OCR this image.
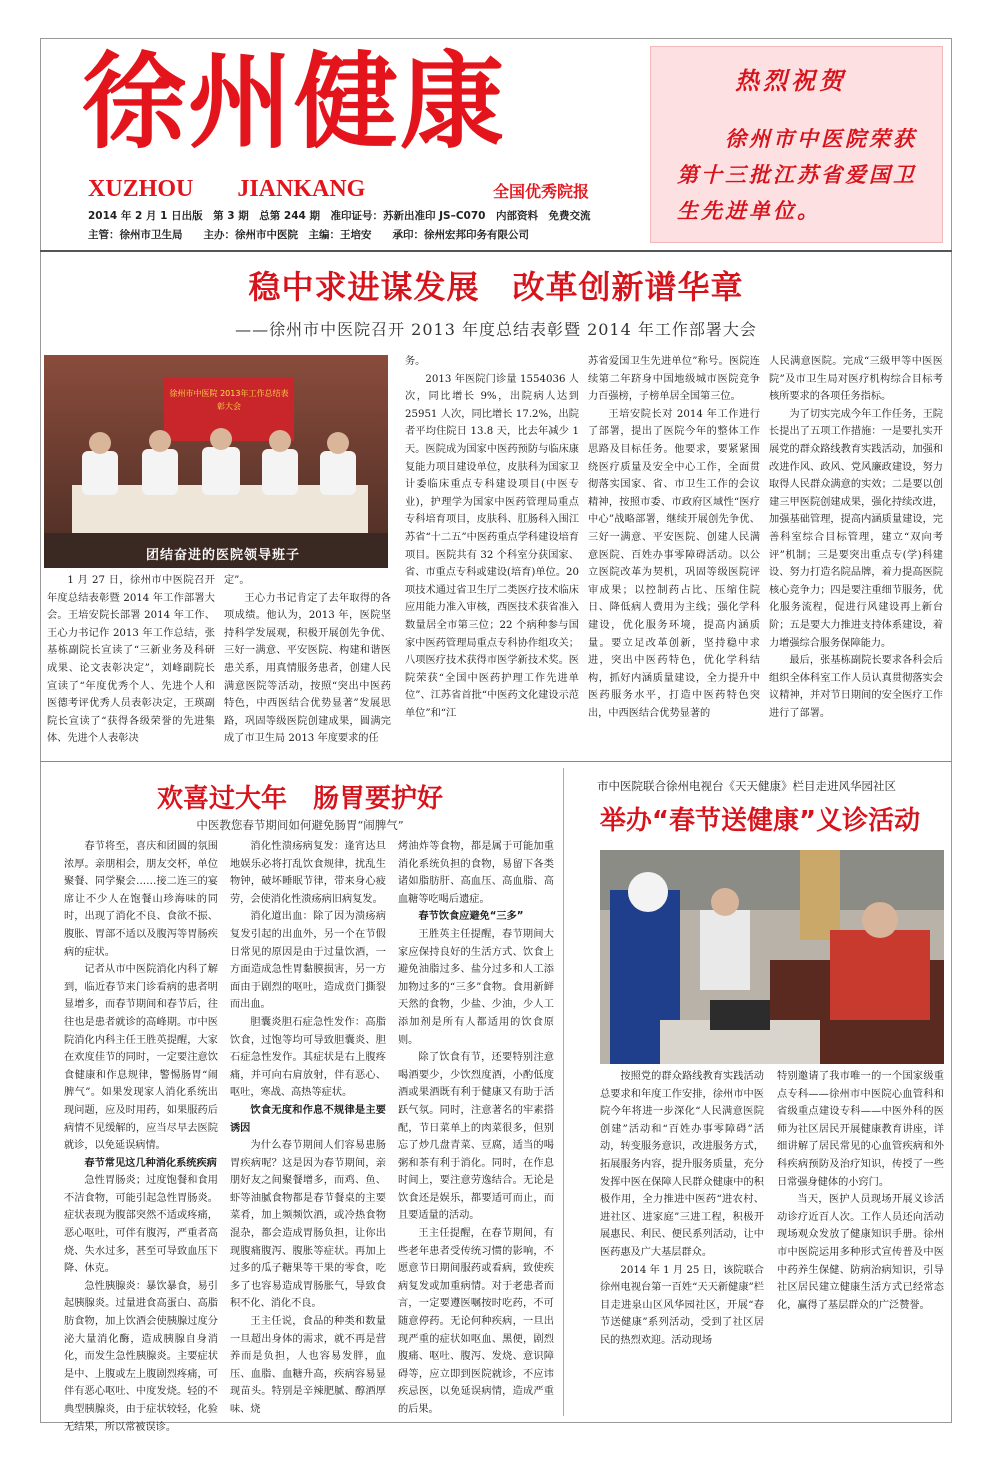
徐州健康
XUZHOU JIANKANG	全国优秀院报
2014 年 2 月 1 日出版　第 3 期　总第 244 期　准印证号：苏新出准印 JS–C070　内部资料　免费交流
主管：徐州市卫生局　　主办：徐州市中医院　主编：王培安　　承印：徐州宏邦印务有限公司
热烈祝贺
徐州市中医院荣获第十三批江苏省爱国卫生先进单位。
稳中求进谋发展　改革创新谱华章
——徐州市中医院召开 2013 年度总结表彰暨 2014 年工作部署大会
徐州市中医院 2013年工作总结表彰大会
团结奋进的医院领导班子

1 月 27 日，徐州市中医院召开年度总结表彰暨 2014 年工作部署大会。王培安院长部署 2014 年工作、王心力书记作 2013 年工作总结，张基栋副院长宣读了“三新业务及科研成果、论文表彰决定”，刘峰副院长宣读了“年度优秀个人、先进个人和医德考评优秀人员表彰决定，王瑛副院长宣读了“获得各级荣誉的先进集体、先进个人表彰决

定”。

王心力书记肯定了去年取得的各项成绩。他认为，2013 年，医院坚持科学发展观，积极开展创先争优、三好一满意、平安医院、构建和谐医患关系，用真情服务患者，创建人民满意医院等活动，按照“突出中医药特色，中西医结合优势显著”发展思路，巩固等级医院创建成果，圆满完成了市卫生局 2013 年度要求的任

务。

2013 年医院门诊量 1554036 人次，同比增长 9%，出院病人达到 25951 人次，同比增长 17.2%，出院者平均住院日 13.8 天，比去年减少 1 天。医院成为国家中医药预防与临床康复能力项目建设单位，皮肤科为国家卫计委临床重点专科建设项目(中医专业)，护理学为国家中医药管理局重点专科培育项目，皮肤科、肛肠科入围江苏省“十二五”中医药重点学科建设培育项目。医院共有 32 个科室分获国家、省、市重点专科或建设(培育)单位。20 项技术通过省卫生厅二类医疗技术临床应用能力准入审核，西医技术获省准入数量居全市第三位；22 个病种参与国家中医药管理局重点专科协作组攻关；八项医疗技术获得市医学新技术奖。医院荣获“全国中医药护理工作先进单位”、江苏省首批“中医药文化建设示范单位”和“江

苏省爱国卫生先进单位”称号。医院连续第二年跻身中国地级城市医院竞争力百强榜，子榜单居全国第三位。

王培安院长对 2014 年工作进行了部署，提出了医院今年的整体工作思路及目标任务。他要求，要紧紧围绕医疗质量及安全中心工作，全面贯彻落实国家、省、市卫生工作的会议精神，按照市委、市政府区域性“医疗中心”战略部署，继续开展创先争优、三好一满意、平安医院、创建人民满意医院、百姓办事零障碍活动。以公立医院改革为契机，巩固等级医院评审成果；以控制药占比、压缩住院日、降低病人费用为主线；强化学科建设，优化服务环境，提高内涵质量。要立足改革创新，坚持稳中求进，突出中医药特色，优化学科结构，抓好内涵质量建设，全力提升中医药服务水平，打造中医药特色突出，中西医结合优势显著的

人民满意医院。完成“三级甲等中医医院”及市卫生局对医疗机构综合目标考核所要求的各项任务指标。

为了切实完成今年工作任务，王院长提出了五项工作措施：一是要扎实开展党的群众路线教育实践活动，加强和改进作风、政风、党风廉政建设，努力取得人民群众满意的实效；二是要以创建三甲医院创建成果，强化持续改进，加强基础管理，提高内涵质量建设，完善科室综合目标管理，建立“双向考评”机制；三是要突出重点专(学)科建设、努力打造名院品牌，着力提高医院核心竞争力；四是要注重细节服务，优化服务流程，促进行风建设再上新台阶；五是要大力推进支持体系建设，着力增强综合服务保障能力。

最后，张基栋副院长要求各科会后组织全体科室工作人员认真贯彻落实会议精神，并对节日期间的安全医疗工作进行了部署。

欢喜过大年　肠胃要护好
中医教您春节期间如何避免肠胃“闹脾气”

春节将至，喜庆和团圆的氛围浓厚。亲朋相会，朋友交杯，单位聚餐、同学聚会……接二连三的宴席让不少人在饱餐山珍海味的同时，出现了消化不良、食欲不振、腹胀、胃部不适以及腹泻等胃肠疾病的症状。

记者从市中医院消化内科了解到，临近春节来门诊看病的患者明显增多，而春节期间和春节后，往往也是患者就诊的高峰期。市中医院消化内科主任王胜英提醒，大家在欢度佳节的同时，一定要注意饮食健康和作息规律，警惕肠胃“闹脾气”。如果发现家人消化系统出现问题，应及时用药，如果服药后病情不见缓解的，应当尽早去医院就诊，以免延误病情。

春节常见这几种消化系统疾病

急性胃肠炎；过度饱餐和食用不洁食物，可能引起急性胃肠炎。症状表现为腹部突然不适或疼痛，恶心呕吐，可伴有腹泻，严重者高烧、失水过多，甚至可导致血压下降、休克。

急性胰腺炎：暴饮暴食，易引起胰腺炎。过量进食高蛋白、高脂肪食物，加上饮酒会使胰腺过度分泌大量消化酶，造成胰腺自身消化，而发生急性胰腺炎。主要症状是中、上腹或左上腹剧烈疼痛，可伴有恶心呕吐、中度发烧。轻的不典型胰腺炎，由于症状较轻，化验无结果，所以常被误诊。

消化性溃疡病复发：逢宵达旦地娱乐必将打乱饮食规律，扰乱生物钟，破坏睡眠节律，带来身心疲劳，会使消化性溃疡病旧病复发。

消化道出血：除了因为溃疡病复发引起的出血外，另一个在节假日常见的原因是由于过量饮酒，一方面造成急性胃黏膜损害，另一方面由于剧烈的呕吐，造成贲门撕裂而出血。

胆囊炎胆石症急性发作：高脂饮食，过饱等均可导致胆囊炎、胆石症急性发作。其症状是右上腹疼痛，并可向右肩放射，伴有恶心、呕吐，寒战、高热等症状。

饮食无度和作息不规律是主要诱因

为什么春节期间人们容易患肠胃疾病呢？这是因为春节期间，亲朋好友之间聚餐增多，而鸡、鱼、虾等油腻食物都是春节餐桌的主要菜肴，加上频频饮酒，或冷热食物混杂，都会造成胃肠负担，让你出现腹痛腹泻、腹胀等症状。再加上过多的瓜子糖果等干果的零食，吃多了也容易造成胃肠胀气，导致食积不化、消化不良。

王主任说，食品的种类和数量一旦超出身体的需求，就不再是营养而是负担，人也容易发胖，血压、血脂、血糖升高，疾病容易显现苗头。特别是辛辣肥腻、醇酒厚味、烧

烤油炸等食物，都是属于可能加重消化系统负担的食物，易留下各类诸如脂肪肝、高血压、高血脂、高血糖等吃喝后遗症。

春节饮食应避免“三多”

王胜英主任提醒，春节期间大家应保持良好的生活方式、饮食上避免油脂过多、盐分过多和人工添加物过多的“三多”食物。食用新鲜天然的食物，少盐、少油，少人工添加剂是所有人都适用的饮食原则。

除了饮食有节，还要特别注意喝酒要少，少饮烈度酒，小酌低度酒或果酒既有利于健康又有助于活跃气氛。同时，注意著名的牢素搭配，节日菜单上的肉菜很多，但别忘了炒几盘青菜、豆腐，适当的喝粥和茶有利于消化。同时，在作息时间上，要注意劳逸结合。无论是饮食还是娱乐，都要适可而止，而且要适量的活动。

王主任提醒，在春节期间，有些老年患者受传统习惯的影响，不愿意节日期间服药或看病，致使疾病复发或加重病情。对于老患者而言，一定要遵医嘱按时吃药，不可随意停药。无论何种疾病，一旦出现严重的症状如呕血、黑便，剧烈腹痛、呕吐、腹泻、发烧、意识障碍等，应立即到医院就诊，不应讳疾忌医，以免延误病情，造成严重的后果。

市中医院联合徐州电视台《天天健康》栏目走进风华园社区
举办“春节送健康”义诊活动

按照党的群众路线教育实践活动总要求和年度工作安排，徐州市中医院今年将进一步深化“人民满意医院创建”活动和“百姓办事零障碍”活动，转变服务意识，改进服务方式，拓展服务内容，提升服务质量，充分发挥中医在保障人民群众健康中的积极作用，全力推进中医药“进农村、进社区、进家庭”三进工程，积极开展惠民、利民、便民系列活动，让中医药惠及广大基层群众。

2014 年 1 月 25 日，该院联合徐州电视台第一百姓“天天新健康”栏目走进泉山区风华园社区，开展“春节送健康”系列活动，受到了社区居民的热烈欢迎。活动现场

特别邀请了我市唯一的一个国家级重点专科——徐州市中医院心血管科和省级重点建设专科——中医外科的医师为社区居民开展健康教育讲座，详细讲解了居民常见的心血管疾病和外科疾病预防及治疗知识，传授了一些日常强身健体的小窍门。

当天，医护人员现场开展义诊活动诊疗近百人次。工作人员还向活动现场观众发放了健康知识手册。徐州市中医院运用多种形式宣传普及中医中药养生保健、防病治病知识，引导社区居民建立健康生活方式已经常态化，赢得了基层群众的广泛赞誉。
